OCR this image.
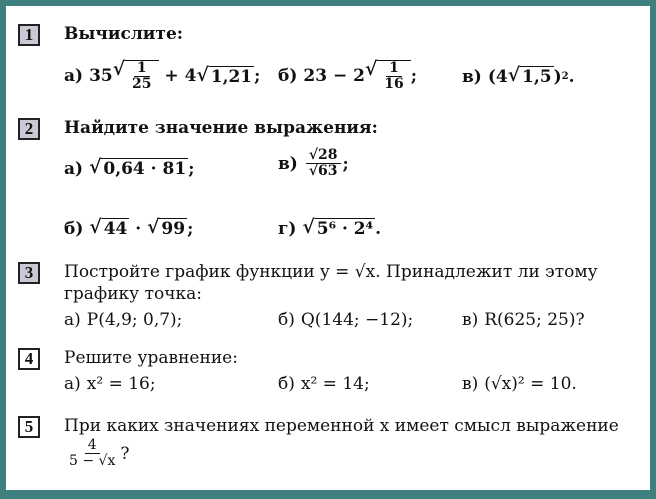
1	Вычислите:
а) 35 √ $\frac{1}{25} + 4$ √ 1,21 ; б) 23 − 2 √ $\frac{1}{16}$ ;	в) (4 √ 1,5 ) 2 .
2	Найдите значение выражения:
а) √ 0,64 · 81 ;	$в) \frac{√28}{√63}$ ;
б) √ 44 · √ 99 ;	г) √ 5⁶ · 2⁴ .
3	Постройте график функции y = √x. Принадлежит ли этому
графику точка:
а) P(4,9; 0,7);	б) Q(144; −12);	в) R(625; 25)?
4	Решите уравнение:
а) x² = 16;	б) x² = 14;	в) (√x)² = 10.
5	При каких значениях переменной x имеет смысл выражение
$\frac{4}{5 - √x}$ ?
